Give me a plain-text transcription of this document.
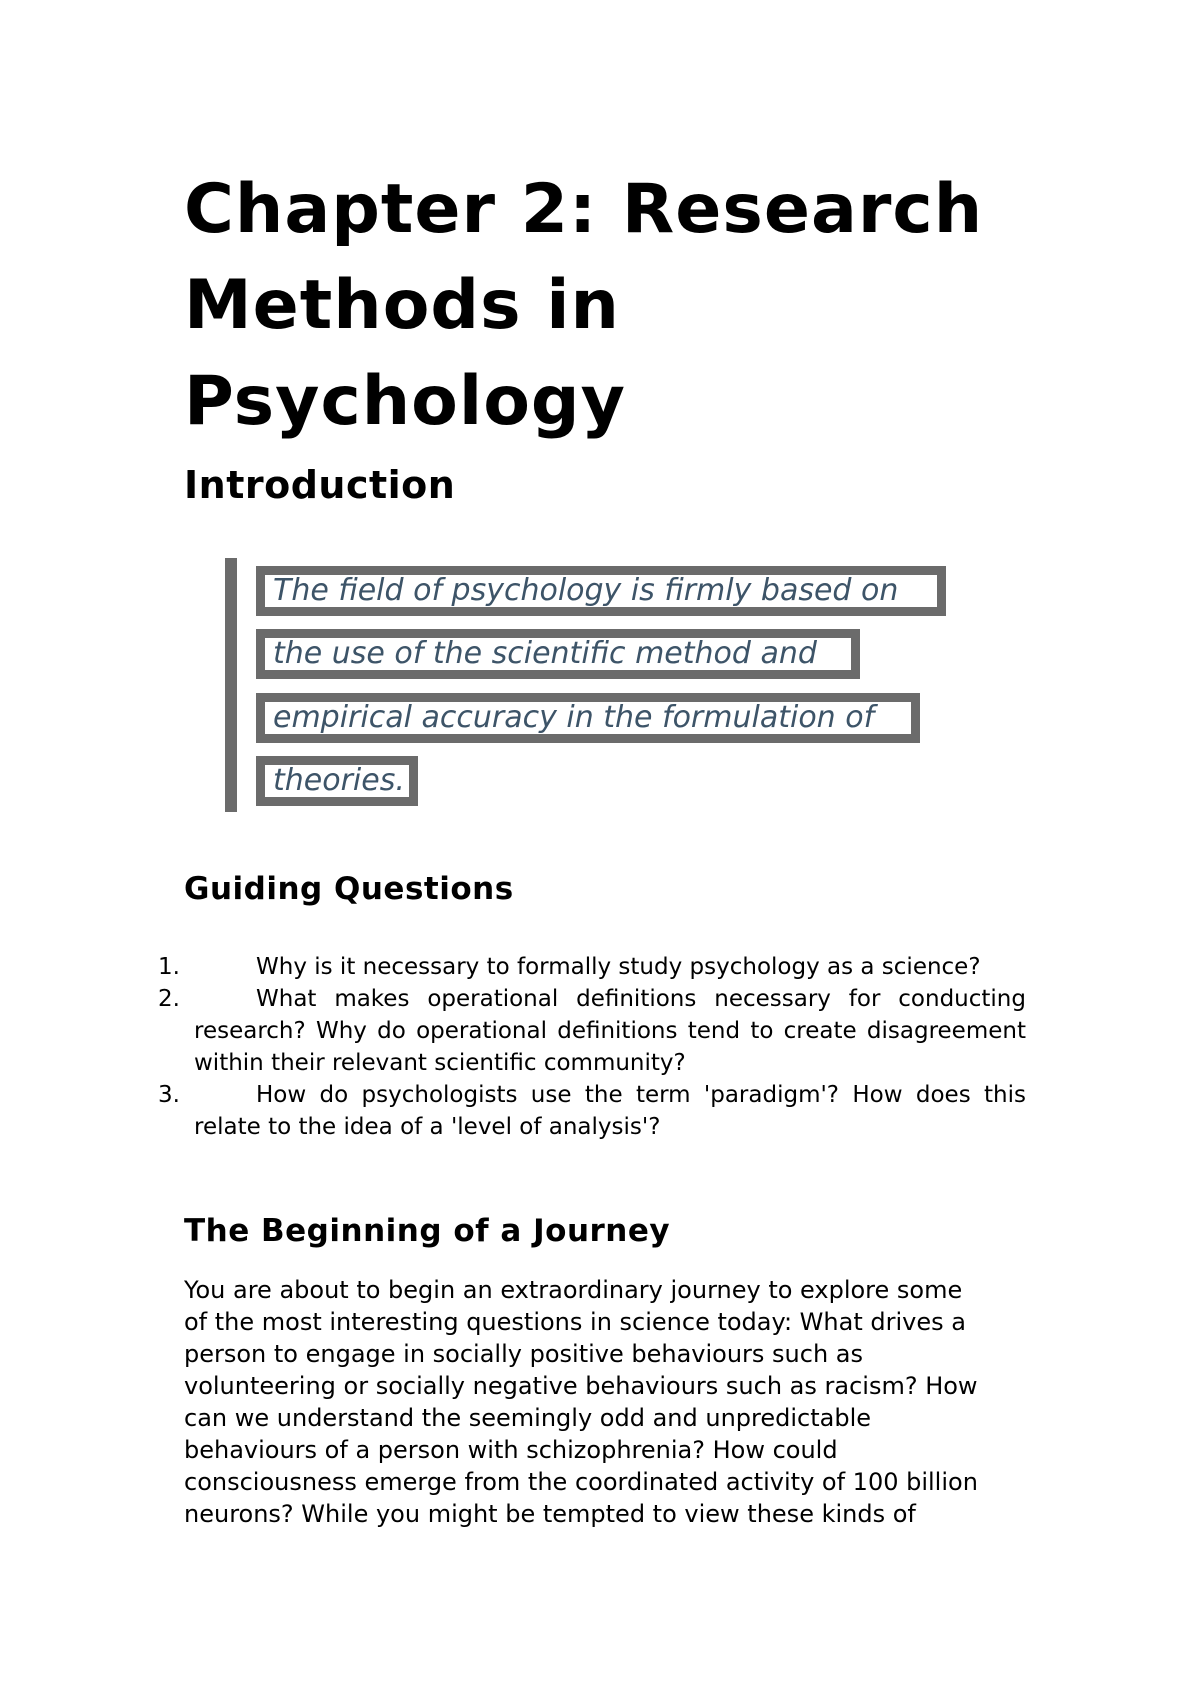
Chapter 2: Research
Methods in
Psychology
Introduction
The field of psychology is firmly based on
the use of the scientific method and
empirical accuracy in the formulation of
theories.
Guiding Questions
1.	Why is it necessary to formally study psychology as a science?
2.	What makes operational definitions necessary for conducting research? Why do operational definitions tend to create disagreement within their relevant scientific community?
3.	How do psychologists use the term 'paradigm'? How does this relate to the idea of a 'level of analysis'?
The Beginning of a Journey
You are about to begin an extraordinary journey to explore some
of the most interesting questions in science today: What drives a
person to engage in socially positive behaviours such as
volunteering or socially negative behaviours such as racism? How
can we understand the seemingly odd and unpredictable
behaviours of a person with schizophrenia? How could
consciousness emerge from the coordinated activity of 100 billion
neurons? While you might be tempted to view these kinds of
